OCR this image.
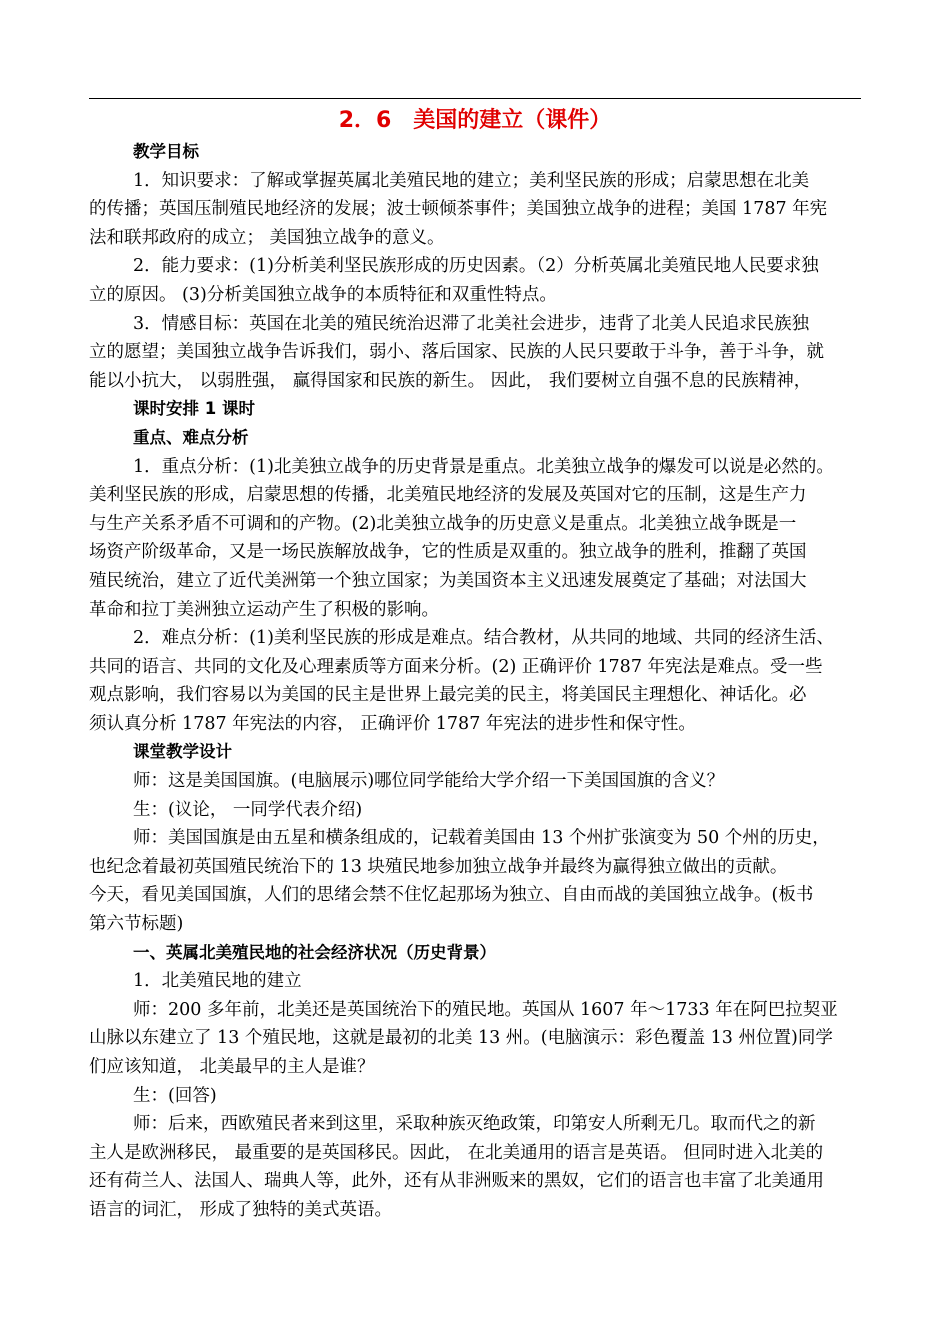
2．6　美国的建立（课件）
教学目标
1．知识要求：了解或掌握英属北美殖民地的建立；美利坚民族的形成；启蒙思想在北美
的传播；英国压制殖民地经济的发展；波士顿倾茶事件；美国独立战争的进程；美国 1787 年宪
法和联邦政府的成立； 美国独立战争的意义。
2．能力要求：(1)分析美利坚民族形成的历史因素。（2）分析英属北美殖民地人民要求独
立的原因。 (3)分析美国独立战争的本质特征和双重性特点。
3．情感目标：英国在北美的殖民统治迟滞了北美社会进步，违背了北美人民追求民族独
立的愿望；美国独立战争告诉我们，弱小、落后国家、民族的人民只要敢于斗争，善于斗争，就
能以小抗大， 以弱胜强， 赢得国家和民族的新生。 因此， 我们要树立自强不息的民族精神，
课时安排 1 课时
重点、难点分析
1．重点分析：(1)北美独立战争的历史背景是重点。北美独立战争的爆发可以说是必然的。
美利坚民族的形成，启蒙思想的传播，北美殖民地经济的发展及英国对它的压制，这是生产力
与生产关系矛盾不可调和的产物。(2)北美独立战争的历史意义是重点。北美独立战争既是一
场资产阶级革命，又是一场民族解放战争，它的性质是双重的。独立战争的胜利，推翻了英国
殖民统治，建立了近代美洲第一个独立国家；为美国资本主义迅速发展奠定了基础；对法国大
革命和拉丁美洲独立运动产生了积极的影响。
2．难点分析：(1)美利坚民族的形成是难点。结合教材，从共同的地域、共同的经济生活、
共同的语言、共同的文化及心理素质等方面来分析。(2) 正确评价 1787 年宪法是难点。受一些
观点影响，我们容易以为美国的民主是世界上最完美的民主，将美国民主理想化、神话化。必
须认真分析 1787 年宪法的内容， 正确评价 1787 年宪法的进步性和保守性。
课堂教学设计
师：这是美国国旗。(电脑展示)哪位同学能给大学介绍一下美国国旗的含义？
生：(议论， 一同学代表介绍)
师：美国国旗是由五星和横条组成的，记载着美国由 13 个州扩张演变为 50 个州的历史，
也纪念着最初英国殖民统治下的 13 块殖民地参加独立战争并最终为赢得独立做出的贡献。
今天，看见美国国旗，人们的思绪会禁不住忆起那场为独立、自由而战的美国独立战争。(板书
第六节标题)
一、英属北美殖民地的社会经济状况（历史背景）
1．北美殖民地的建立
师：200 多年前，北美还是英国统治下的殖民地。英国从 1607 年～1733 年在阿巴拉契亚
山脉以东建立了 13 个殖民地，这就是最初的北美 13 州。(电脑演示：彩色覆盖 13 州位置)同学
们应该知道， 北美最早的主人是谁？
生：(回答)
师：后来，西欧殖民者来到这里，采取种族灭绝政策，印第安人所剩无几。取而代之的新
主人是欧洲移民， 最重要的是英国移民。因此， 在北美通用的语言是英语。 但同时进入北美的
还有荷兰人、法国人、瑞典人等，此外，还有从非洲贩来的黑奴，它们的语言也丰富了北美通用
语言的词汇， 形成了独特的美式英语。
